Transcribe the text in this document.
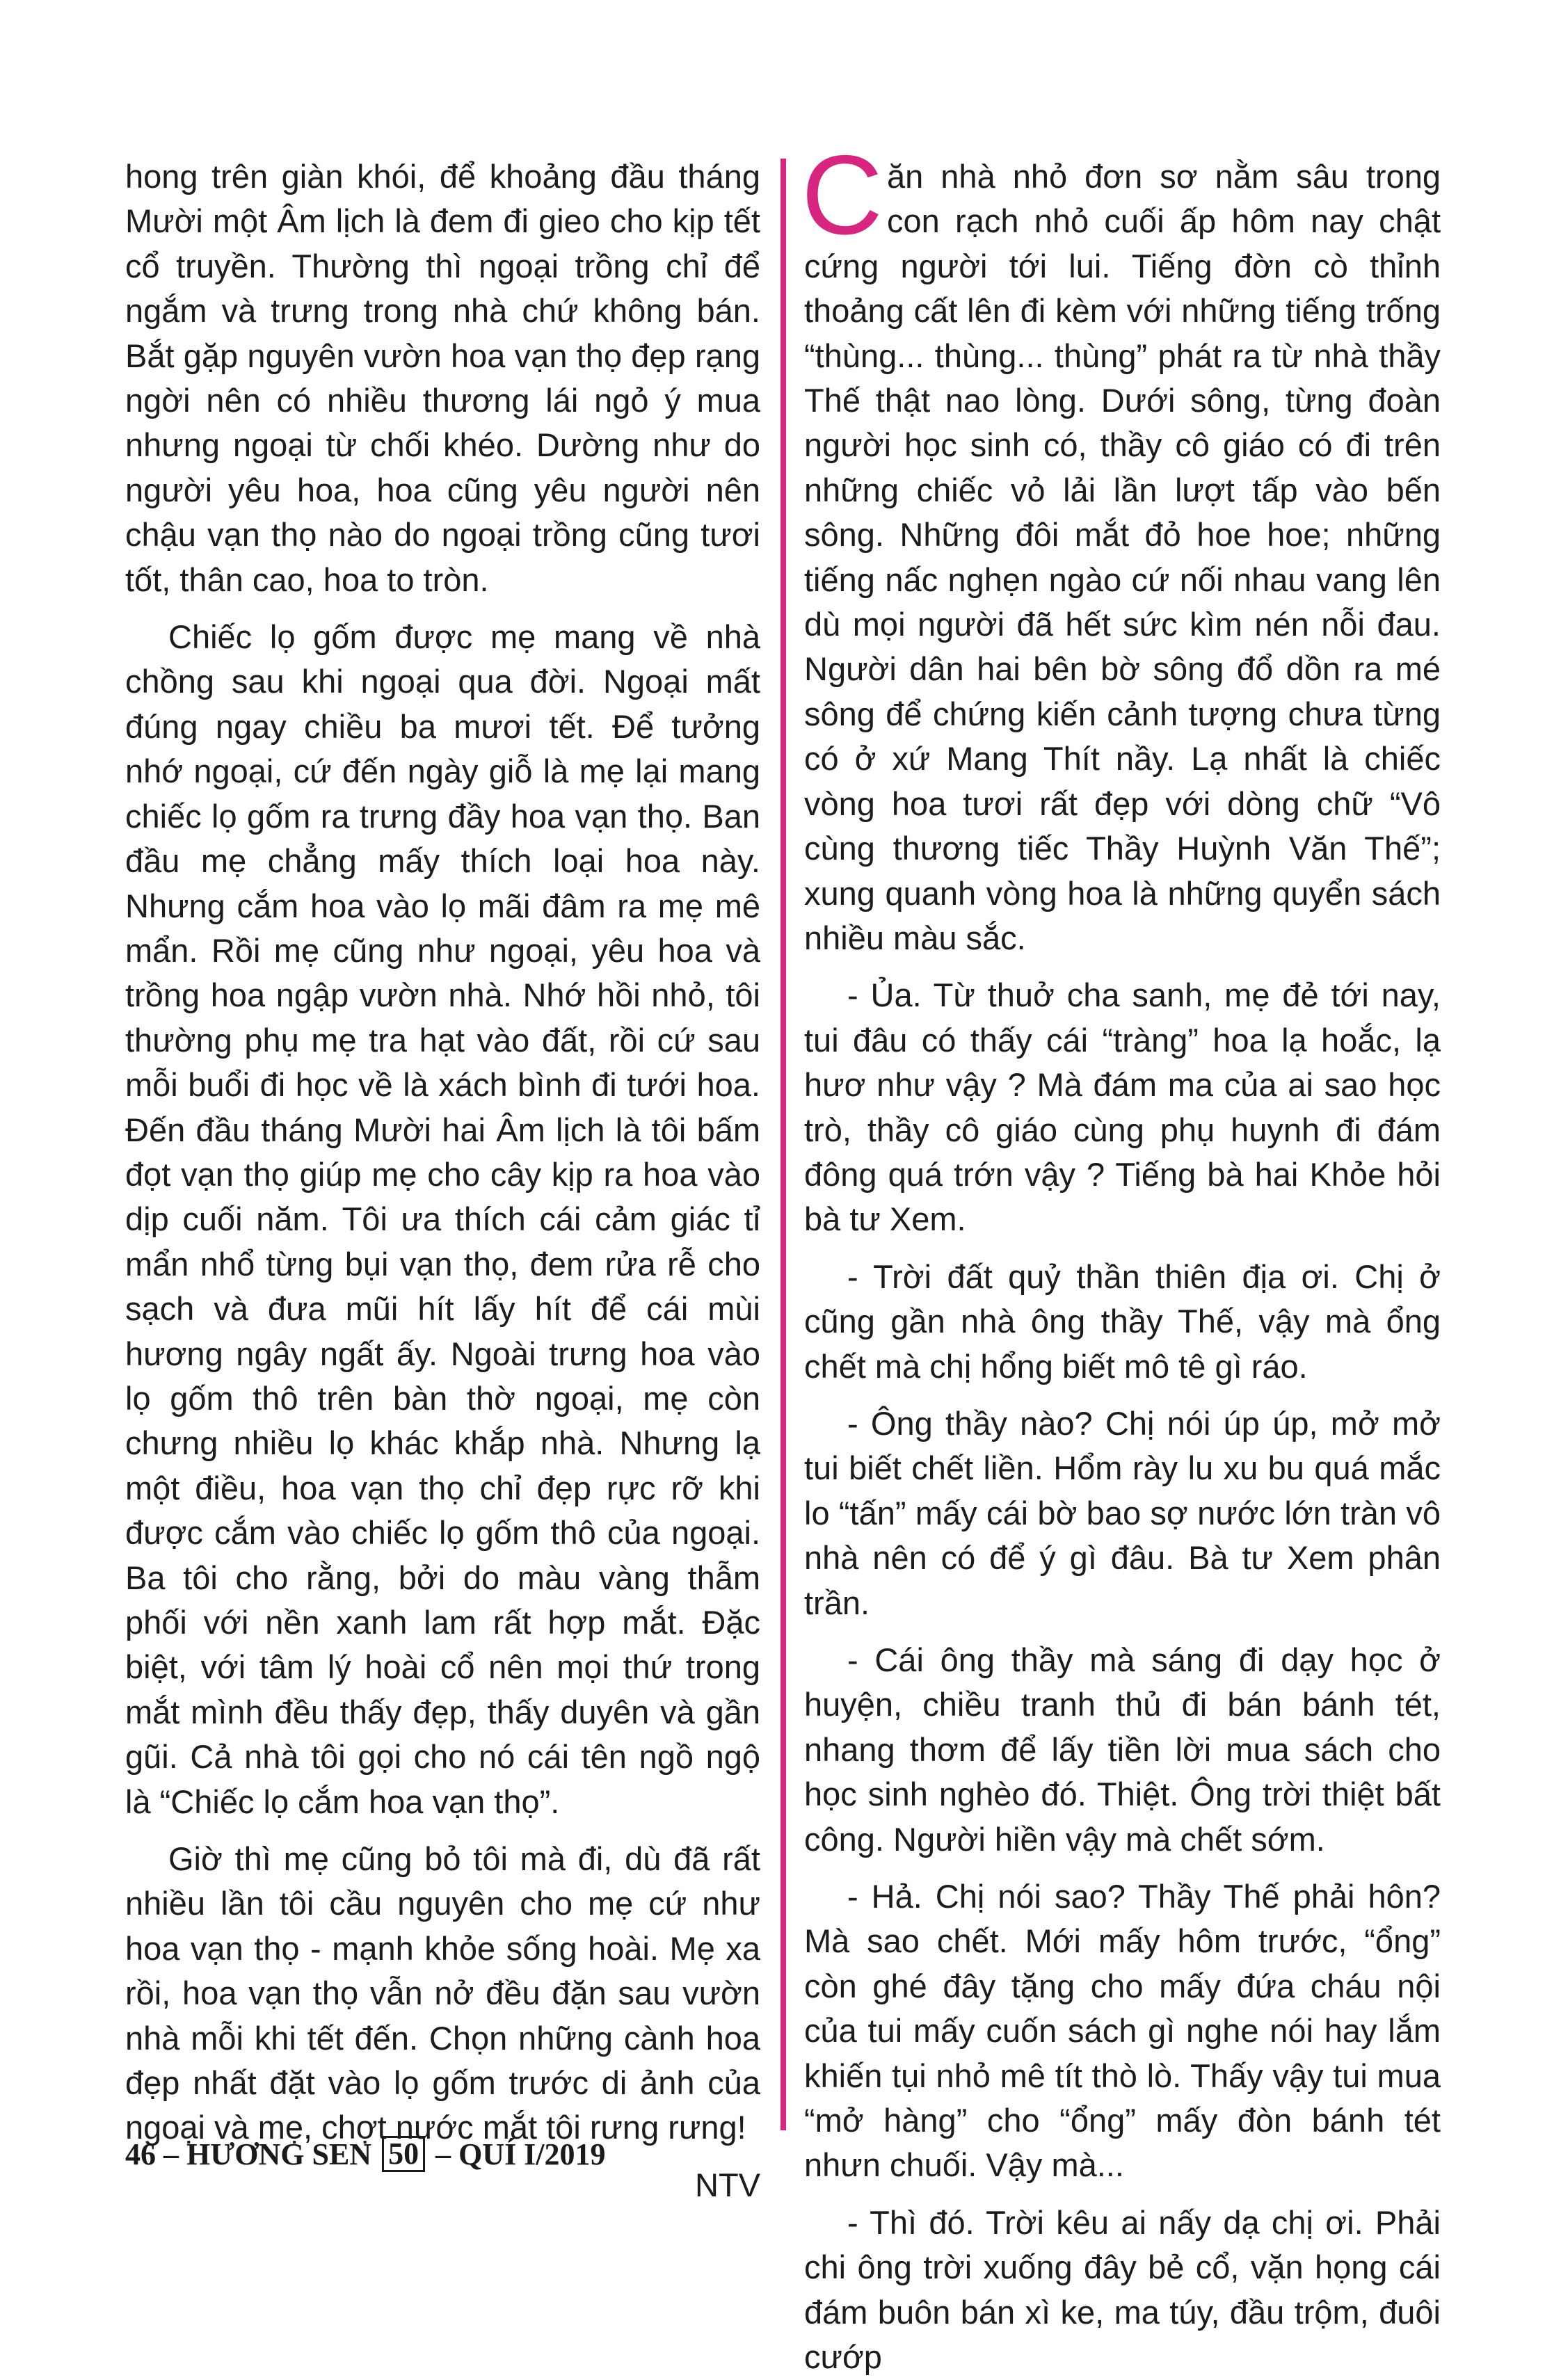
hong trên giàn khói, để khoảng đầu tháng Mười một Âm lịch là đem đi gieo cho kịp tết cổ truyền. Thường thì ngoại trồng chỉ để ngắm và trưng trong nhà chứ không bán. Bắt gặp nguyên vườn hoa vạn thọ đẹp rạng ngời nên có nhiều thương lái ngỏ ý mua nhưng ngoại từ chối khéo. Dường như do người yêu hoa, hoa cũng yêu người nên chậu vạn thọ nào do ngoại trồng cũng tươi tốt, thân cao, hoa to tròn.

Chiếc lọ gốm được mẹ mang về nhà chồng sau khi ngoại qua đời. Ngoại mất đúng ngay chiều ba mươi tết. Để tưởng nhớ ngoại, cứ đến ngày giỗ là mẹ lại mang chiếc lọ gốm ra trưng đầy hoa vạn thọ. Ban đầu mẹ chẳng mấy thích loại hoa này. Nhưng cắm hoa vào lọ mãi đâm ra mẹ mê mẩn. Rồi mẹ cũng như ngoại, yêu hoa và trồng hoa ngập vườn nhà. Nhớ hồi nhỏ, tôi thường phụ mẹ tra hạt vào đất, rồi cứ sau mỗi buổi đi học về là xách bình đi tưới hoa. Đến đầu tháng Mười hai Âm lịch là tôi bấm đọt vạn thọ giúp mẹ cho cây kịp ra hoa vào dịp cuối năm. Tôi ưa thích cái cảm giác tỉ mẩn nhổ từng bụi vạn thọ, đem rửa rễ cho sạch và đưa mũi hít lấy hít để cái mùi hương ngây ngất ấy. Ngoài trưng hoa vào lọ gốm thô trên bàn thờ ngoại, mẹ còn chưng nhiều lọ khác khắp nhà. Nhưng lạ một điều, hoa vạn thọ chỉ đẹp rực rỡ khi được cắm vào chiếc lọ gốm thô của ngoại. Ba tôi cho rằng, bởi do màu vàng thẫm phối với nền xanh lam rất hợp mắt. Đặc biệt, với tâm lý hoài cổ nên mọi thứ trong mắt mình đều thấy đẹp, thấy duyên và gần gũi. Cả nhà tôi gọi cho nó cái tên ngồ ngộ là “Chiếc lọ cắm hoa vạn thọ”.

Giờ thì mẹ cũng bỏ tôi mà đi, dù đã rất nhiều lần tôi cầu nguyên cho mẹ cứ như hoa vạn thọ - mạnh khỏe sống hoài. Mẹ xa rồi, hoa vạn thọ vẫn nở đều đặn sau vườn nhà mỗi khi tết đến. Chọn những cành hoa đẹp nhất đặt vào lọ gốm trước di ảnh của ngoại và mẹ, chợt nước mắt tôi rưng rưng!

NTV

Căn nhà nhỏ đơn sơ nằm sâu trong con rạch nhỏ cuối ấp hôm nay chật cứng người tới lui. Tiếng đờn cò thỉnh thoảng cất lên đi kèm với những tiếng trống “thùng... thùng... thùng” phát ra từ nhà thầy Thế thật nao lòng. Dưới sông, từng đoàn người học sinh có, thầy cô giáo có đi trên những chiếc vỏ lải lần lượt tấp vào bến sông. Những đôi mắt đỏ hoe hoe; những tiếng nấc nghẹn ngào cứ nối nhau vang lên dù mọi người đã hết sức kìm nén nỗi đau. Người dân hai bên bờ sông đổ dồn ra mé sông để chứng kiến cảnh tượng chưa từng có ở xứ Mang Thít nầy. Lạ nhất là chiếc vòng hoa tươi rất đẹp với dòng chữ “Vô cùng thương tiếc Thầy Huỳnh Văn Thế”; xung quanh vòng hoa là những quyển sách nhiều màu sắc.

- Ủa. Từ thuở cha sanh, mẹ đẻ tới nay, tui đâu có thấy cái “tràng” hoa lạ hoắc, lạ hươ như vậy ? Mà đám ma của ai sao học trò, thầy cô giáo cùng phụ huynh đi đám đông quá trớn vậy ? Tiếng bà hai Khỏe hỏi bà tư Xem.

- Trời đất quỷ thần thiên địa ơi. Chị ở cũng gần nhà ông thầy Thế, vậy mà ổng chết mà chị hổng biết mô tê gì ráo.

- Ông thầy nào? Chị nói úp úp, mở mở tui biết chết liền. Hổm rày lu xu bu quá mắc lo “tấn” mấy cái bờ bao sợ nước lớn tràn vô nhà nên có để ý gì đâu. Bà tư Xem phân trần.

- Cái ông thầy mà sáng đi dạy học ở huyện, chiều tranh thủ đi bán bánh tét, nhang thơm để lấy tiền lời mua sách cho học sinh nghèo đó. Thiệt. Ông trời thiệt bất công. Người hiền vậy mà chết sớm.

- Hả. Chị nói sao? Thầy Thế phải hôn? Mà sao chết. Mới mấy hôm trước, “ổng” còn ghé đây tặng cho mấy đứa cháu nội của tui mấy cuốn sách gì nghe nói hay lắm khiến tụi nhỏ mê tít thò lò. Thấy vậy tui mua “mở hàng” cho “ổng” mấy đòn bánh tét nhưn chuối. Vậy mà...

- Thì đó. Trời kêu ai nấy dạ chị ơi. Phải chi ông trời xuống đây bẻ cổ, vặn họng cái đám buôn bán xì ke, ma túy, đầu trộm, đuôi cướp

46 – HƯƠNG SEN 50 – QUÍ I/2019
